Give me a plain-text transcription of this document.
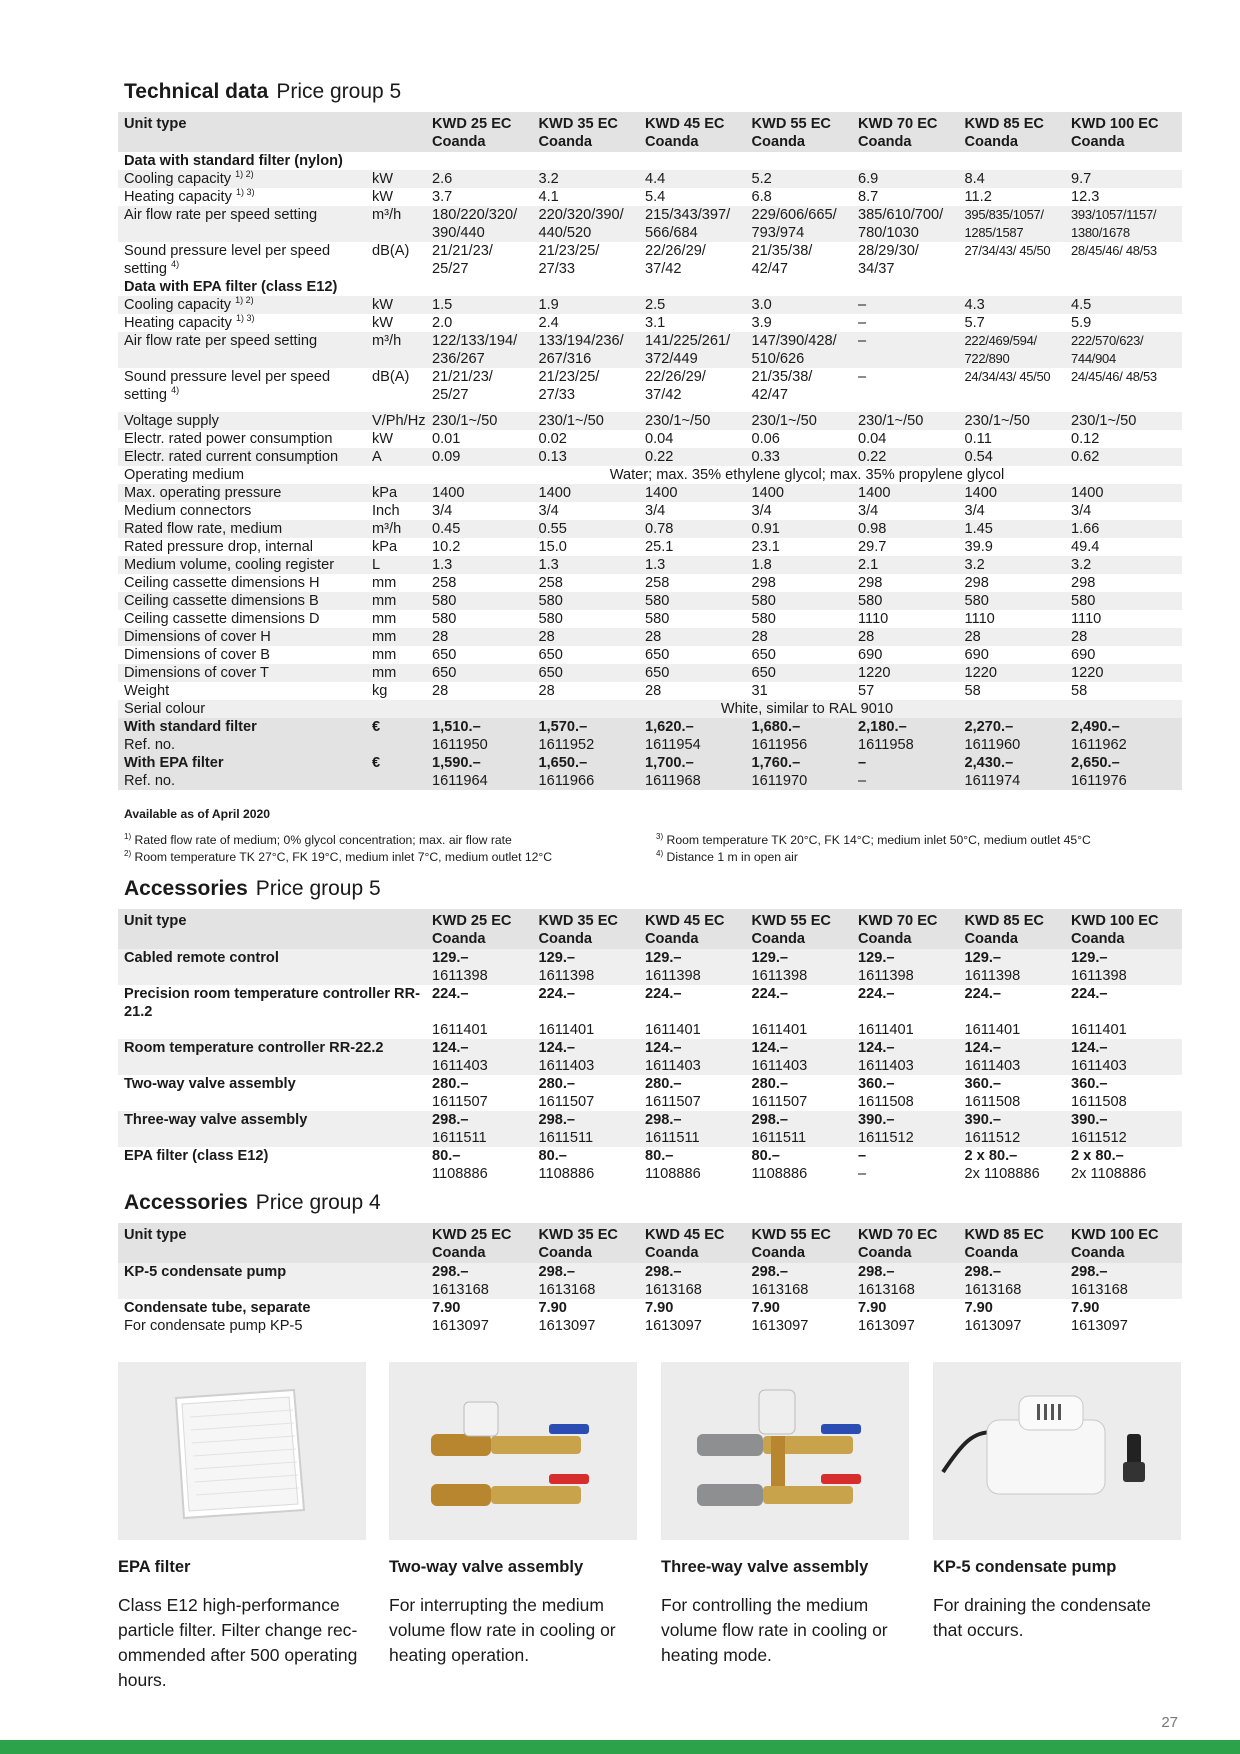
Technical data Price group 5
Unit type		KWD 25 EC Coanda	KWD 35 EC Coanda	KWD 45 EC Coanda	KWD 55 EC Coanda	KWD 70 EC Coanda	KWD 85 EC Coanda	KWD 100 EC Coanda
Data with standard filter (nylon)								
Cooling capacity $^{1) 2)}$	kW	2.6	3.2	4.4	5.2	6.9	8.4	9.7
Heating capacity $^{1) 3)}$	kW	3.7	4.1	5.4	6.8	8.7	11.2	12.3
Air flow rate per speed setting	m³/h	180/220/320/ 390/440	220/320/390/ 440/520	215/343/397/ 566/684	229/606/665/ 793/974	385/610/700/ 780/1030	395/835/1057/ 1285/1587	393/1057/1157/ 1380/1678
Sound pressure level per speed setting $^{4)}$	dB(A)	21/21/23/ 25/27	21/23/25/ 27/33	22/26/29/ 37/42	21/35/38/ 42/47	28/29/30/ 34/37	27/34/43/ 45/50	28/45/46/ 48/53
Data with EPA filter (class E12)								
Cooling capacity $^{1) 2)}$	kW	1.5	1.9	2.5	3.0	–	4.3	4.5
Heating capacity $^{1) 3)}$	kW	2.0	2.4	3.1	3.9	–	5.7	5.9
Air flow rate per speed setting	m³/h	122/133/194/ 236/267	133/194/236/ 267/316	141/225/261/ 372/449	147/390/428/ 510/626	–	222/469/594/ 722/890	222/570/623/ 744/904
Sound pressure level per speed setting $^{4)}$	dB(A)	21/21/23/ 25/27	21/23/25/ 27/33	22/26/29/ 37/42	21/35/38/ 42/47	–	24/34/43/ 45/50	24/45/46/ 48/53

Voltage supply	V/Ph/Hz	230/1~/50	230/1~/50	230/1~/50	230/1~/50	230/1~/50	230/1~/50	230/1~/50
Electr. rated power consumption	kW	0.01	0.02	0.04	0.06	0.04	0.11	0.12
Electr. rated current consumption	A	0.09	0.13	0.22	0.33	0.22	0.54	0.62
Operating medium		Water; max. 35% ethylene glycol; max. 35% propylene glycol						
Max. operating pressure	kPa	1400	1400	1400	1400	1400	1400	1400
Medium connectors	Inch	3/4	3/4	3/4	3/4	3/4	3/4	3/4
Rated flow rate, medium	m³/h	0.45	0.55	0.78	0.91	0.98	1.45	1.66
Rated pressure drop, internal	kPa	10.2	15.0	25.1	23.1	29.7	39.9	49.4
Medium volume, cooling register	L	1.3	1.3	1.3	1.8	2.1	3.2	3.2
Ceiling cassette dimensions H	mm	258	258	258	298	298	298	298
Ceiling cassette dimensions B	mm	580	580	580	580	580	580	580
Ceiling cassette dimensions D	mm	580	580	580	580	1110	1110	1110
Dimensions of cover H	mm	28	28	28	28	28	28	28
Dimensions of cover B	mm	650	650	650	650	690	690	690
Dimensions of cover T	mm	650	650	650	650	1220	1220	1220
Weight	kg	28	28	28	31	57	58	58
Serial colour		White, similar to RAL 9010						
With standard filter	€	1,510.–	1,570.–	1,620.–	1,680.–	2,180.–	2,270.–	2,490.–
Ref. no.		1611950	1611952	1611954	1611956	1611958	1611960	1611962
With EPA filter	€	1,590.–	1,650.–	1,700.–	1,760.–	–	2,430.–	2,650.–
Ref. no.		1611964	1611966	1611968	1611970	–	1611974	1611976
Available as of April 2020
$^{1)}$ Rated flow rate of medium; 0% glycol concentration; max. air flow rate
$^{2)}$ Room temperature TK 27°C, FK 19°C, medium inlet 7°C, medium outlet 12°C
$^{3)}$ Room temperature TK 20°C, FK 14°C; medium inlet 50°C, medium outlet 45°C
$^{4)}$ Distance 1 m in open air
Accessories Price group 5
Unit type	KWD 25 EC Coanda	KWD 35 EC Coanda	KWD 45 EC Coanda	KWD 55 EC Coanda	KWD 70 EC Coanda	KWD 85 EC Coanda	KWD 100 EC Coanda
Cabled remote control	129.–	129.–	129.–	129.–	129.–	129.–	129.–
	1611398	1611398	1611398	1611398	1611398	1611398	1611398
Precision room temperature controller RR-21.2	224.–	224.–	224.–	224.–	224.–	224.–	224.–
	1611401	1611401	1611401	1611401	1611401	1611401	1611401
Room temperature controller RR-22.2	124.–	124.–	124.–	124.–	124.–	124.–	124.–
	1611403	1611403	1611403	1611403	1611403	1611403	1611403
Two-way valve assembly	280.–	280.–	280.–	280.–	360.–	360.–	360.–
	1611507	1611507	1611507	1611507	1611508	1611508	1611508
Three-way valve assembly	298.–	298.–	298.–	298.–	390.–	390.–	390.–
	1611511	1611511	1611511	1611511	1611512	1611512	1611512
EPA filter (class E12)	80.–	80.–	80.–	80.–	–	2 x 80.–	2 x 80.–
	1108886	1108886	1108886	1108886	–	2x 1108886	2x 1108886
Accessories Price group 4
Unit type	KWD 25 EC Coanda	KWD 35 EC Coanda	KWD 45 EC Coanda	KWD 55 EC Coanda	KWD 70 EC Coanda	KWD 85 EC Coanda	KWD 100 EC Coanda
KP-5 condensate pump	298.–	298.–	298.–	298.–	298.–	298.–	298.–
	1613168	1613168	1613168	1613168	1613168	1613168	1613168
Condensate tube, separate	7.90	7.90	7.90	7.90	7.90	7.90	7.90
For condensate pump KP-5	1613097	1613097	1613097	1613097	1613097	1613097	1613097
EPA filter	Two-way valve assembly	Three-way valve assembly	KP-5 condensate pump
Class E12 high-performance particle filter. Filter change recommended after 500 operating hours.
For interrupting the medium volume flow rate in cooling or heating operation.
For controlling the medium volume flow rate in cooling or heating mode.
For draining the condensate that occurs.
27
